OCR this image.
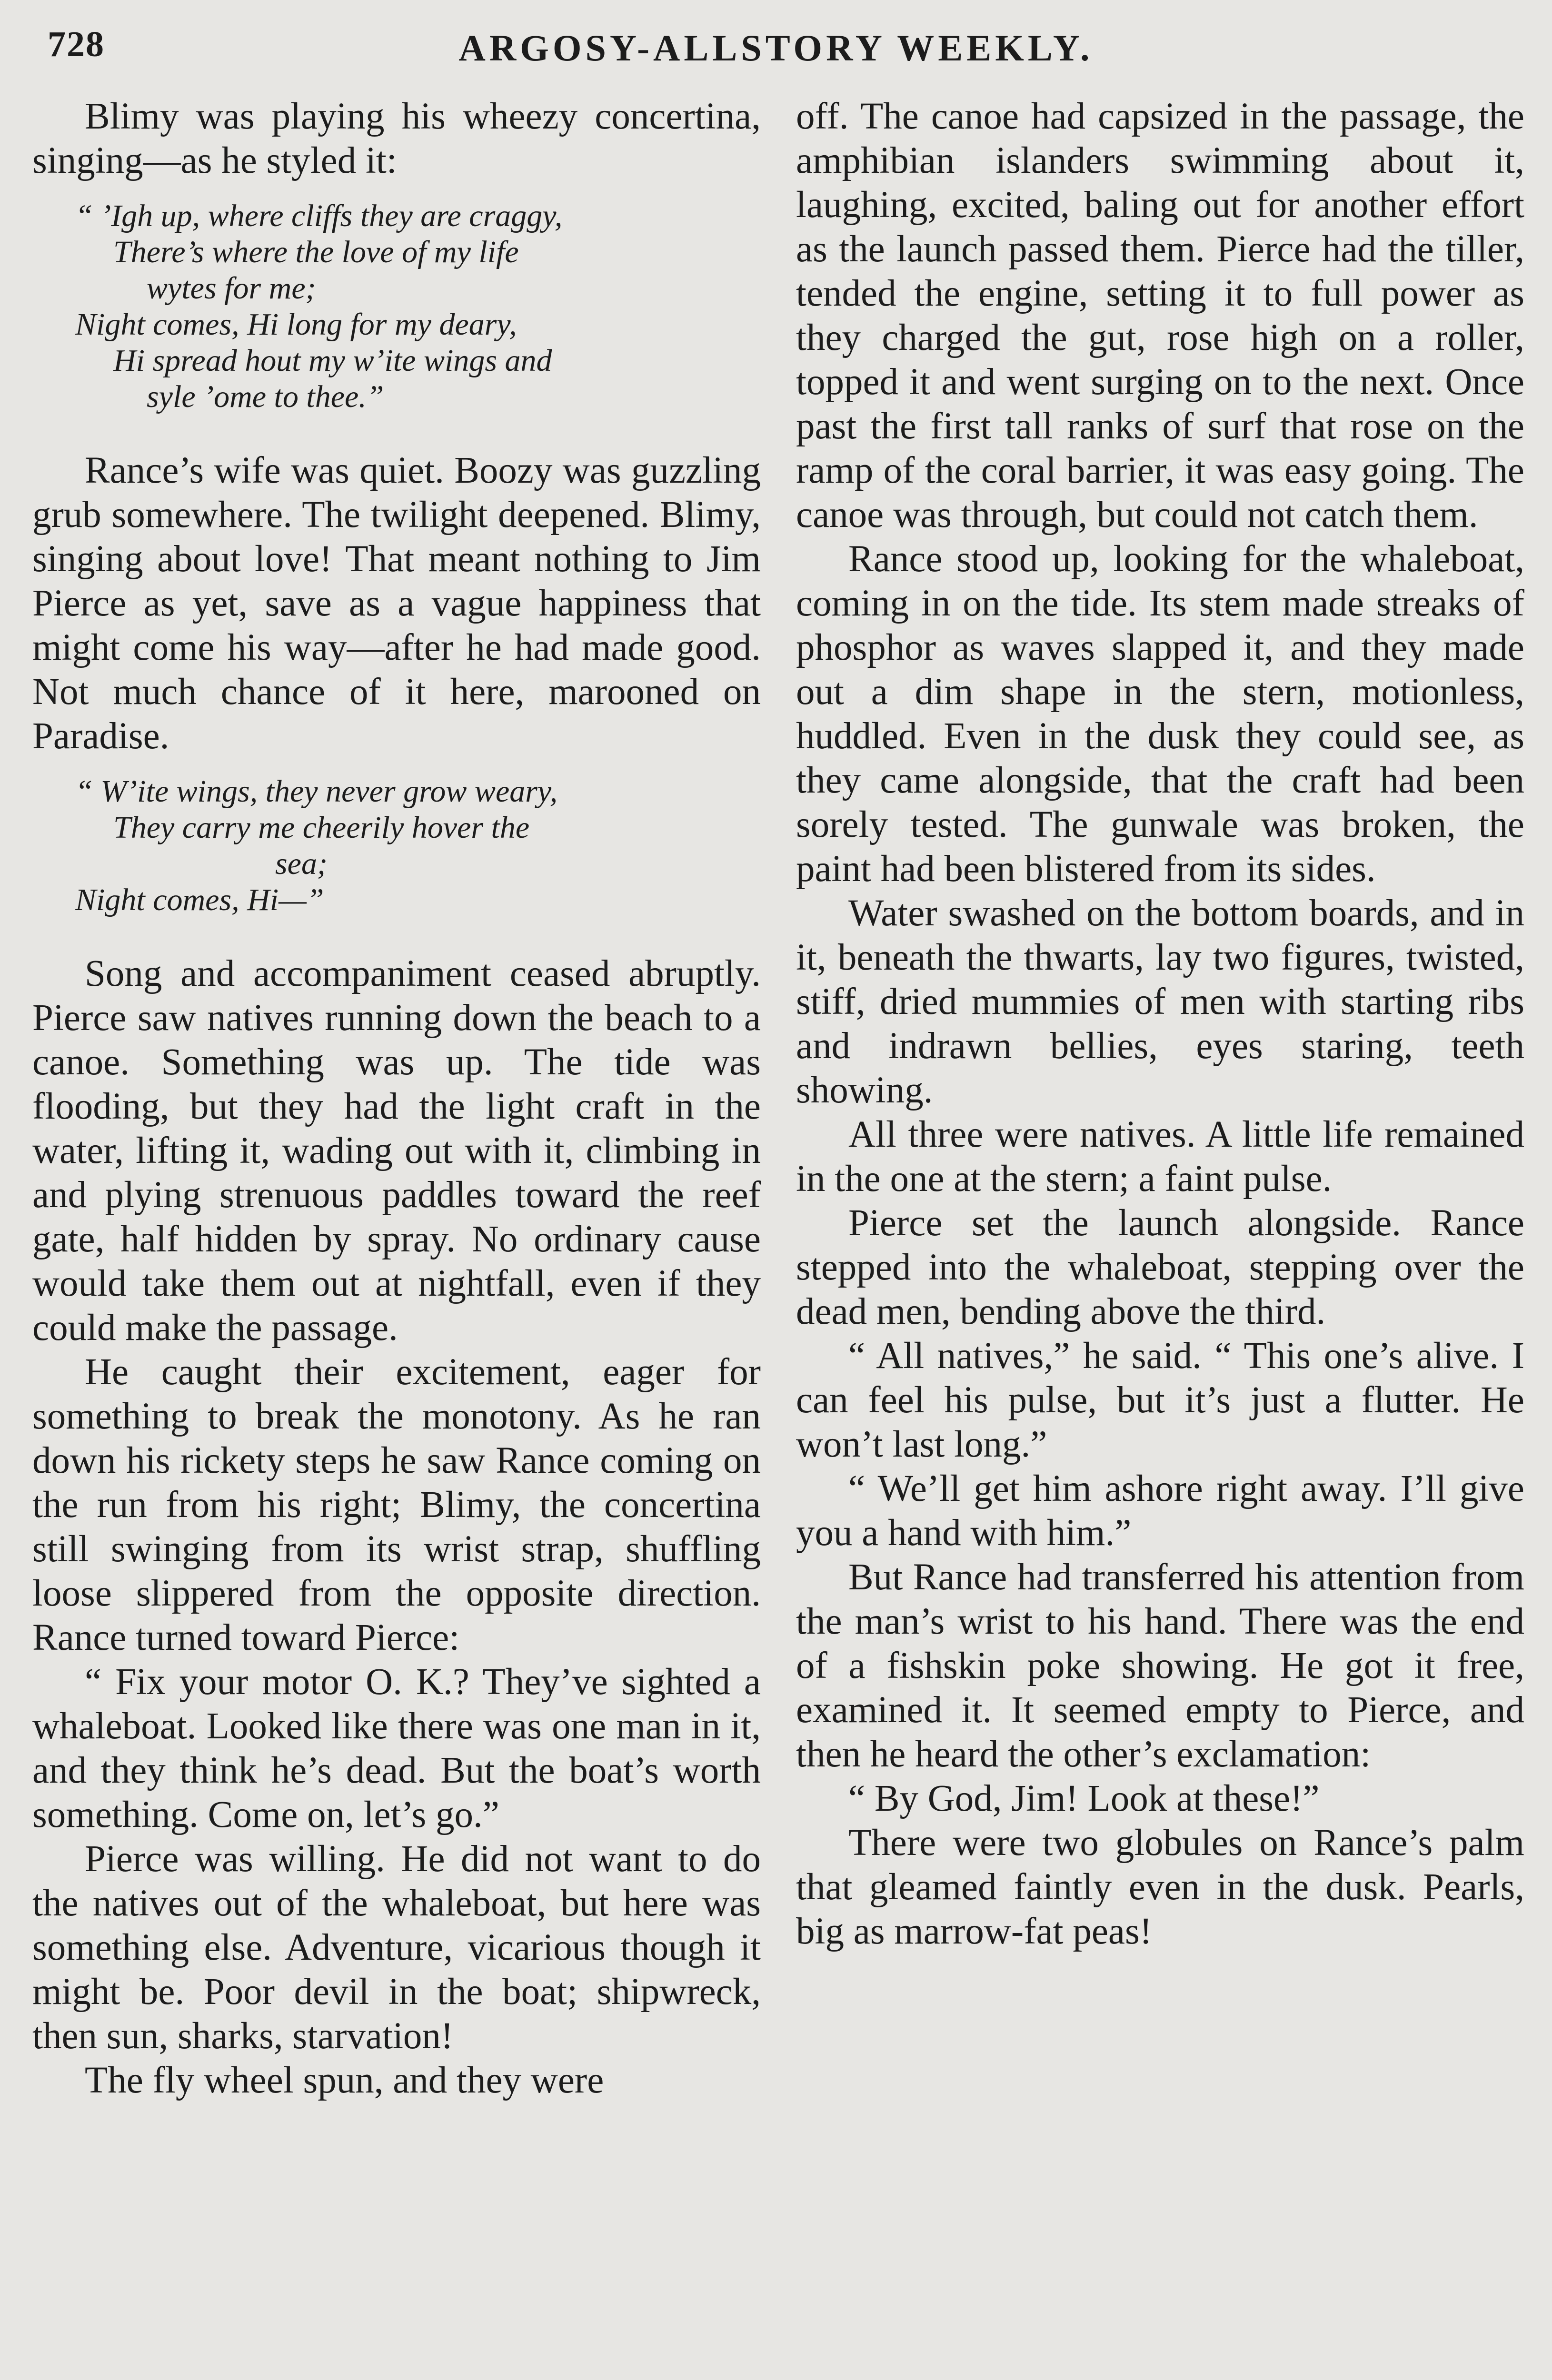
728	ARGOSY-ALLSTORY WEEKLY.

Blimy was playing his wheezy concertina, singing—as he styled it:

“ ’Igh up, where cliffs they are craggy,
There’s where the love of my life
wytes for me;
Night comes, Hi long for my deary,
Hi spread hout my w’ite wings and
syle ’ome to thee.”

Rance’s wife was quiet. Boozy was guzzling grub somewhere. The twilight deepened. Blimy, singing about love! That meant nothing to Jim Pierce as yet, save as a vague happiness that might come his way—after he had made good. Not much chance of it here, marooned on Paradise.

“ W’ite wings, they never grow weary,
They carry me cheerily hover the
sea;
Night comes, Hi—”

Song and accompaniment ceased abruptly. Pierce saw natives running down the beach to a canoe. Something was up. The tide was flooding, but they had the light craft in the water, lifting it, wading out with it, climbing in and plying strenuous paddles toward the reef gate, half hidden by spray. No ordinary cause would take them out at nightfall, even if they could make the passage.

He caught their excitement, eager for something to break the monotony. As he ran down his rickety steps he saw Rance coming on the run from his right; Blimy, the concertina still swinging from its wrist strap, shuffling loose slippered from the opposite direction. Rance turned toward Pierce:

“ Fix your motor O. K.? They’ve sighted a whaleboat. Looked like there was one man in it, and they think he’s dead. But the boat’s worth something. Come on, let’s go.”

Pierce was willing. He did not want to do the natives out of the whaleboat, but here was something else. Adventure, vicarious though it might be. Poor devil in the boat; shipwreck, then sun, sharks, starvation!

The fly wheel spun, and they were

off. The canoe had capsized in the passage, the amphibian islanders swimming about it, laughing, excited, baling out for another effort as the launch passed them. Pierce had the tiller, tended the engine, setting it to full power as they charged the gut, rose high on a roller, topped it and went surging on to the next. Once past the first tall ranks of surf that rose on the ramp of the coral barrier, it was easy going. The canoe was through, but could not catch them.

Rance stood up, looking for the whaleboat, coming in on the tide. Its stem made streaks of phosphor as waves slapped it, and they made out a dim shape in the stern, motionless, huddled. Even in the dusk they could see, as they came alongside, that the craft had been sorely tested. The gunwale was broken, the paint had been blistered from its sides.

Water swashed on the bottom boards, and in it, beneath the thwarts, lay two figures, twisted, stiff, dried mummies of men with starting ribs and indrawn bellies, eyes staring, teeth showing.

All three were natives. A little life remained in the one at the stern; a faint pulse.

Pierce set the launch alongside. Rance stepped into the whaleboat, stepping over the dead men, bending above the third.

“ All natives,” he said. “ This one’s alive. I can feel his pulse, but it’s just a flutter. He won’t last long.”

“ We’ll get him ashore right away. I’ll give you a hand with him.”

But Rance had transferred his attention from the man’s wrist to his hand. There was the end of a fishskin poke showing. He got it free, examined it. It seemed empty to Pierce, and then he heard the other’s exclamation:

“ By God, Jim! Look at these!”

There were two globules on Rance’s palm that gleamed faintly even in the dusk. Pearls, big as marrow-fat peas!
